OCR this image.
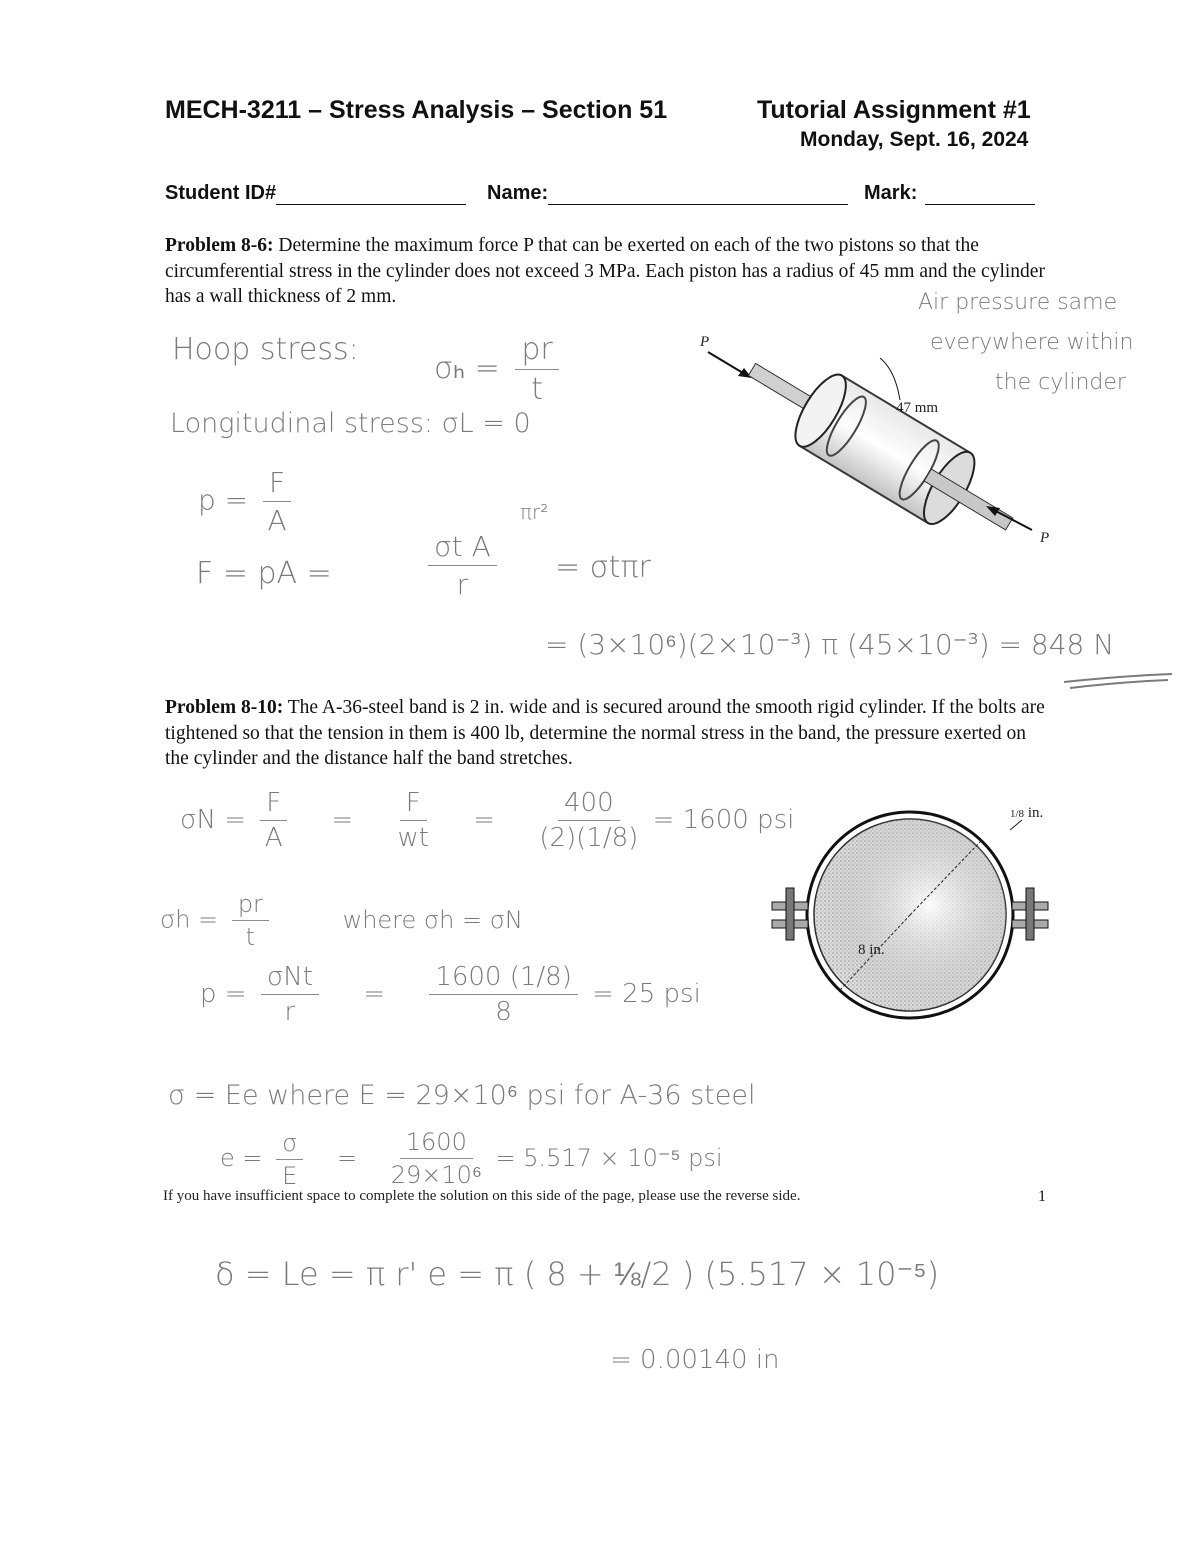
MECH-3211 – Stress Analysis – Section 51	Tutorial Assignment #1
Monday, Sept. 16, 2024
Student ID#	Name:	Mark:
Problem 8-6: Determine the maximum force P that can be exerted on each of the two pistons so that the circumferential stress in the cylinder does not exceed 3 MPa. Each piston has a radius of 45 mm and the cylinder has a wall thickness of 2 mm.
Hoop stress:
$\sigma_h = \frac{pr}{t}$
Longitudinal stress: σL = 0
$p = \frac{F}{A}$
F = pA =	$\frac{\text{σt A}}{r}$
πr²
= σtπr
= (3×10⁶)(2×10⁻³) π (45×10⁻³) = 848 N
Air pressure same
everywhere within
the cylinder
P
P
47 mm
Problem 8-10: The A-36-steel band is 2 in. wide and is secured around the smooth rigid cylinder. If the bolts are tightened so that the tension in them is 400 lb, determine the normal stress in the band, the pressure exerted on the cylinder and the distance half the band stretches.
$\sigma N = \frac{F}{A} = \frac{F}{wt} = \frac{400}{(2)(1/8)} = 1600$ psi
$\sigma h = \frac{pr}{t}$	where σh = σN
$p = \frac{\text{σNt}}{r} = \frac{1600 (1/8)}{8} = 25$ psi
σ = Ee where E = 29×10⁶ psi for A-36 steel
$e = \frac{\sigma}{E} = \frac{1600}{\text{29×10⁶}} = 5.517 \times 10^{-5}$ psi
1/8 in.
8 in.
If you have insufficient space to complete the solution on this side of the page, please use the reverse side.	1
δ = Le = π r' e = π ( 8 + ⅛/2 ) (5.517 × 10⁻⁵)
= 0.00140 in
